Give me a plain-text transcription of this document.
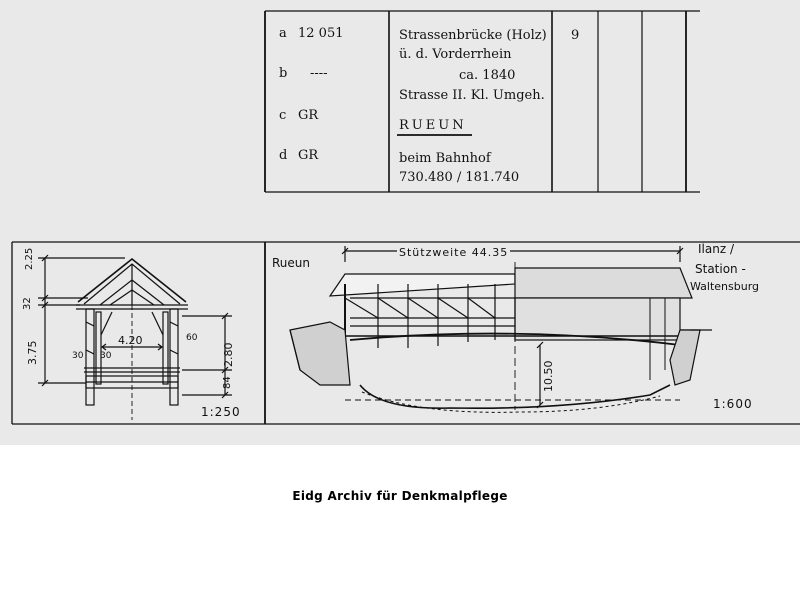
a 12 051
b ----
c GR
d GR
Strassenbrücke (Holz)
ü. d. Vorderrhein
ca. 1840
Strasse II. Kl. Umgeh.
RUEUN
beim Bahnhof
730.480 / 181.740
9
2.25
32
3.75	2.80
84
4.20
30 30
60
1:250
Rueun
Stützweite 44.35	Ilanz /
Station -
Waltensburg
10.50
1:600
Eidg Archiv für Denkmalpflege
